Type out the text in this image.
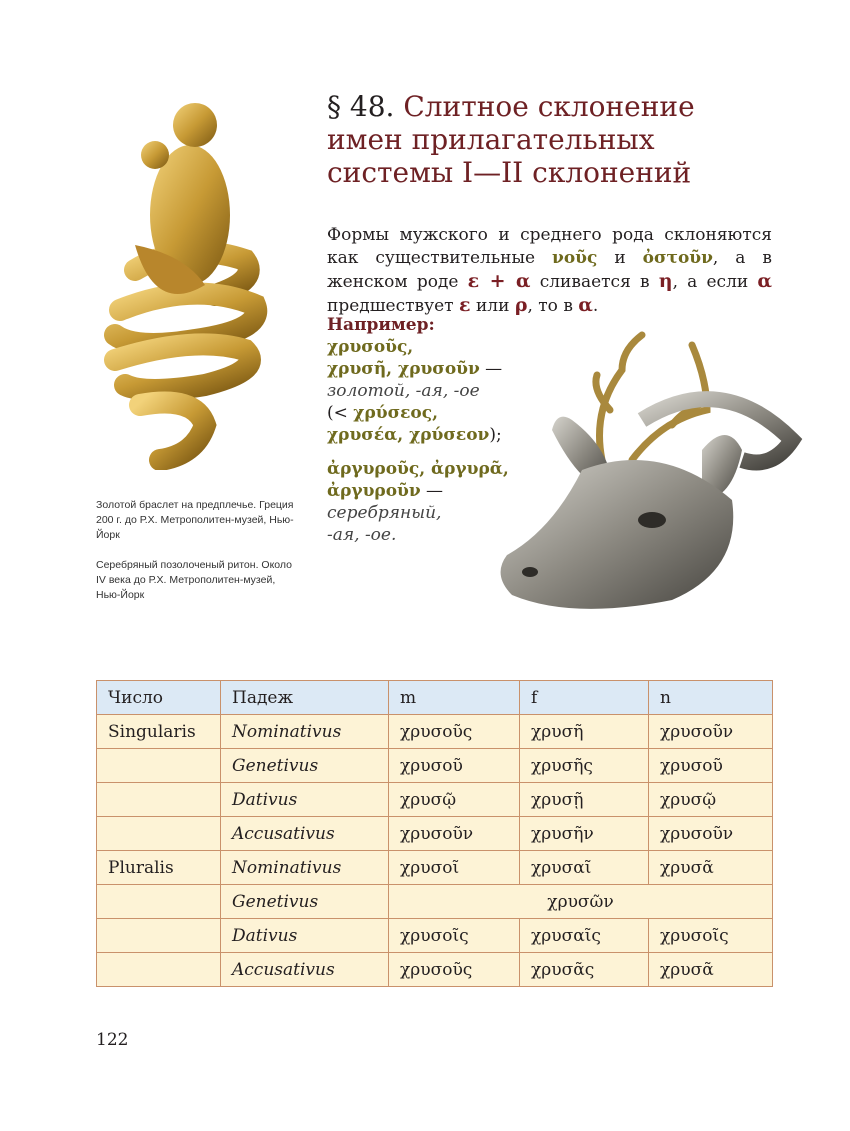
Золотой браслет на предплечье. Греция 200 г. до Р.Х. Метрополитен-музей, Нью-Йорк
Серебряный позолоченый ритон. Около IV века до Р.Х. Метрополитен-музей, Нью-Йорк
§ 48. Слитное склонение имен прилагательных системы I—II склонений

Формы мужского и среднего рода склоняются как существительные νοῦς и ὀστοῦν, а в женском роде ε + α сливается в η, а если α предшествует ε или ρ, то в α.

Например:
χρυσοῦς,
χρυσῆ, χρυσοῦν —
золотой, -ая, -ое
(< χρύσεος,
χρυσέα, χρύσεον);
ἀργυροῦς, ἀργυρᾶ,
ἀργυροῦν —
серебряный,
-ая, -ое.
Число	Падеж	m	f	n
Singularis	Nominativus	χρυσοῦς	χρυσῆ	χρυσοῦν
	Genetivus	χρυσοῦ	χρυσῆς	χρυσοῦ
	Dativus	χρυσῷ	χρυσῇ	χρυσῷ
	Accusativus	χρυσοῦν	χρυσῆν	χρυσοῦν
Pluralis	Nominativus	χρυσοῖ	χρυσαῖ	χρυσᾶ
	Genetivus	χρυσῶν		
	Dativus	χρυσοῖς	χρυσαῖς	χρυσοῖς
	Accusativus	χρυσοῦς	χρυσᾶς	χρυσᾶ
122
